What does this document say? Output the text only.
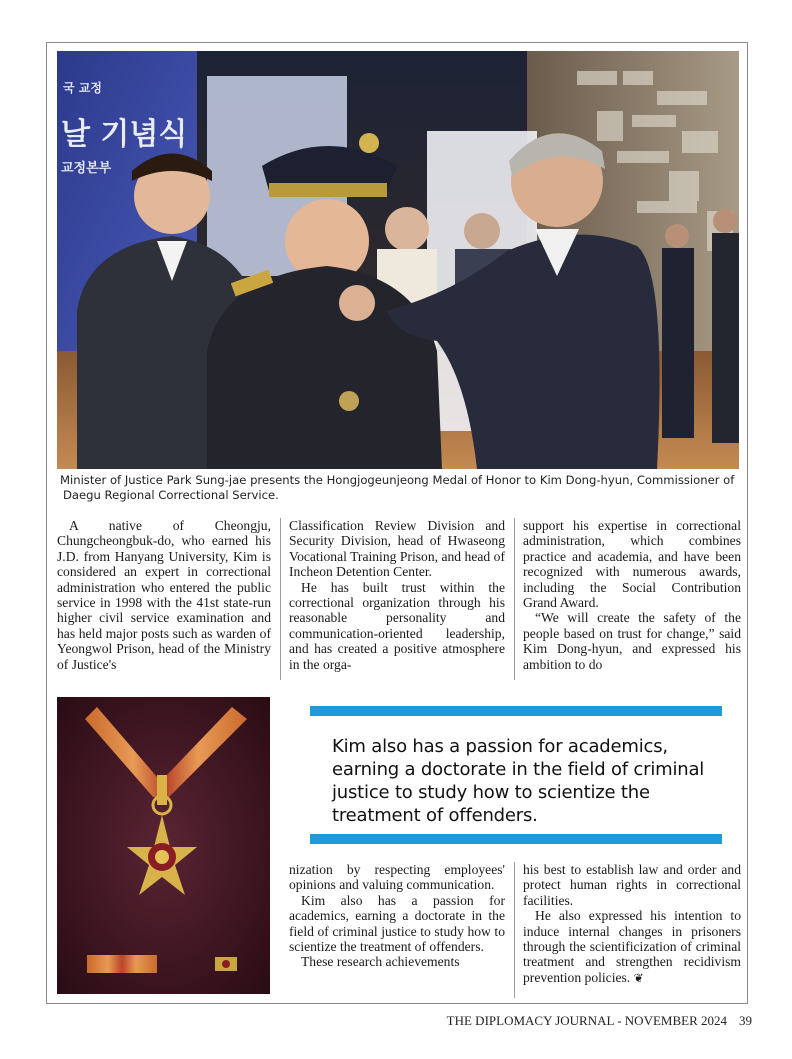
국 교정
날 기념식
교정본부
Minister of Justice Park Sung-jae presents the Hongjogeunjeong Medal of Honor to Kim Dong-hyun, Commissioner of
Daegu Regional Correctional Service.

A native of Cheongju, Chungcheongbuk-do, who earned his J.D. from Hanyang University, Kim is considered an expert in correctional administration who entered the public service in 1998 with the 41st state-run higher civil service examination and has held major posts such as warden of Yeongwol Prison, head of the Ministry of Justice's

Classification Review Division and Security Division, head of Hwaseong Vocational Training Prison, and head of Incheon Detention Center.

He has built trust within the correctional organization through his reasonable personality and communication-oriented leadership, and has created a positive atmosphere in the orga-

support his expertise in correctional administration, which combines practice and academia, and have been recognized with numerous awards, including the Social Contribution Grand Award.

“We will create the safety of the people based on trust for change,” said Kim Dong-hyun, and expressed his ambition to do

Kim also has a passion for academics, earning a doctorate in the field of criminal justice to study how to scientize the treatment of offenders.

nization by respecting employees' opinions and valuing communication.

Kim also has a passion for academics, earning a doctorate in the field of criminal justice to study how to scientize the treatment of offenders.

These research achievements

his best to establish law and order and protect human rights in correctional facilities.

He also expressed his intention to induce internal changes in prisoners through the scientificization of criminal treatment and strengthen recidivism prevention policies. ❦

THE DIPLOMACY JOURNAL - NOVEMBER 2024 39
